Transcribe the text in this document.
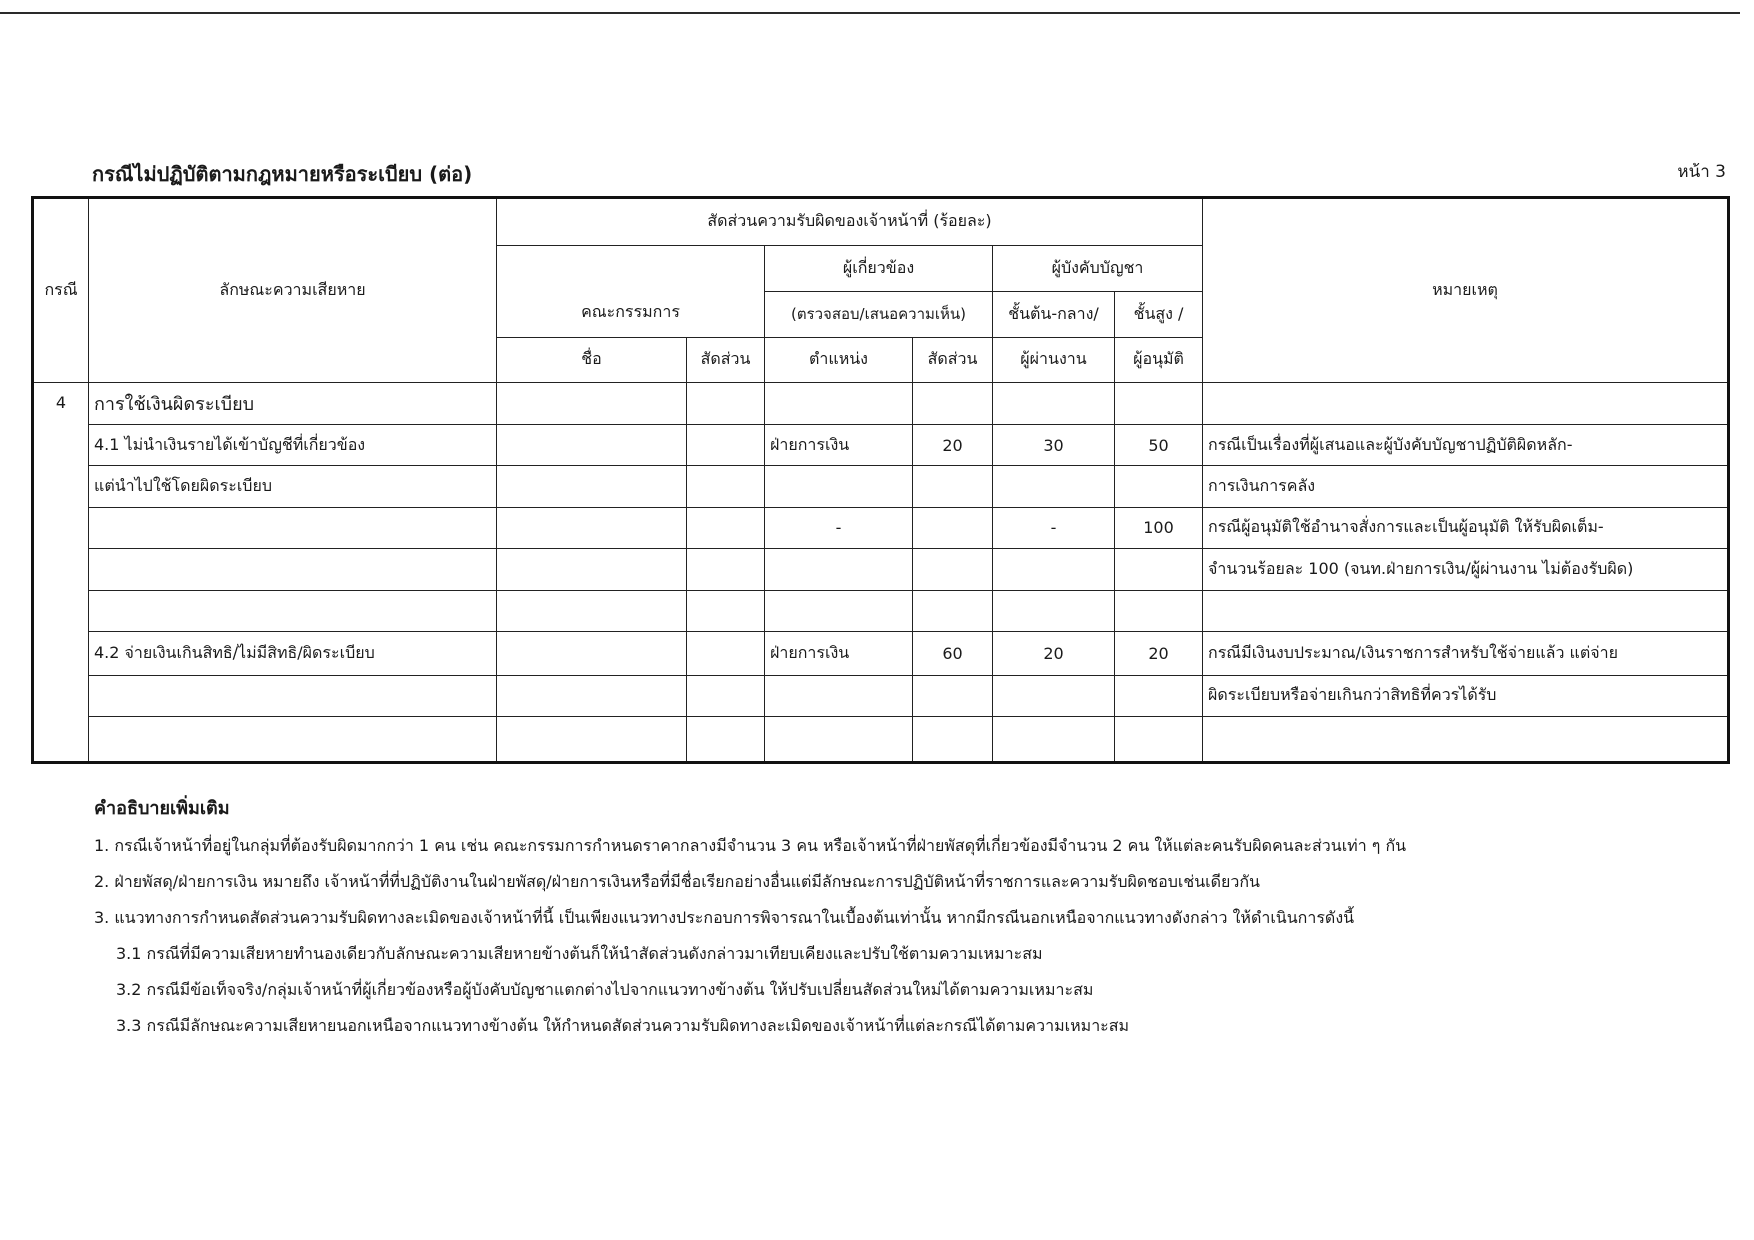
กรณีไม่ปฏิบัติตามกฎหมายหรือระเบียบ (ต่อ)	หน้า 3
กรณี	ลักษณะความเสียหาย	สัดส่วนความรับผิดของเจ้าหน้าที่ (ร้อยละ)						หมายเหตุ
		คณะกรรมการ		ผู้เกี่ยวข้อง		ผู้บังคับบัญชา		
				(ตรวจสอบ/เสนอความเห็น)		ชั้นต้น-กลาง/	ชั้นสูง /	
		ชื่อ	สัดส่วน	ตำแหน่ง	สัดส่วน	ผู้ผ่านงาน	ผู้อนุมัติ	
4	การใช้เงินผิดระเบียบ							
	4.1 ไม่นำเงินรายได้เข้าบัญชีที่เกี่ยวข้อง			ฝ่ายการเงิน	20	30	50	กรณีเป็นเรื่องที่ผู้เสนอและผู้บังคับบัญชาปฏิบัติผิดหลัก-
	แต่นำไปใช้โดยผิดระเบียบ							การเงินการคลัง
				-		-	100	กรณีผู้อนุมัติใช้อำนาจสั่งการและเป็นผู้อนุมัติ ให้รับผิดเต็ม-
								จำนวนร้อยละ 100 (จนท.ฝ่ายการเงิน/ผู้ผ่านงาน ไม่ต้องรับผิด)

	4.2 จ่ายเงินเกินสิทธิ/ไม่มีสิทธิ/ผิดระเบียบ			ฝ่ายการเงิน	60	20	20	กรณีมีเงินงบประมาณ/เงินราชการสำหรับใช้จ่ายแล้ว แต่จ่าย
								ผิดระเบียบหรือจ่ายเกินกว่าสิทธิที่ควรได้รับ

คำอธิบายเพิ่มเติม
1. กรณีเจ้าหน้าที่อยู่ในกลุ่มที่ต้องรับผิดมากกว่า 1 คน เช่น คณะกรรมการกำหนดราคากลางมีจำนวน 3 คน หรือเจ้าหน้าที่ฝ่ายพัสดุที่เกี่ยวข้องมีจำนวน 2 คน ให้แต่ละคนรับผิดคนละส่วนเท่า ๆ กัน
2. ฝ่ายพัสดุ/ฝ่ายการเงิน หมายถึง เจ้าหน้าที่ที่ปฏิบัติงานในฝ่ายพัสดุ/ฝ่ายการเงินหรือที่มีชื่อเรียกอย่างอื่นแต่มีลักษณะการปฏิบัติหน้าที่ราชการและความรับผิดชอบเช่นเดียวกัน
3. แนวทางการกำหนดสัดส่วนความรับผิดทางละเมิดของเจ้าหน้าที่นี้ เป็นเพียงแนวทางประกอบการพิจารณาในเบื้องต้นเท่านั้น หากมีกรณีนอกเหนือจากแนวทางดังกล่าว ให้ดำเนินการดังนี้
3.1 กรณีที่มีความเสียหายทำนองเดียวกับลักษณะความเสียหายข้างต้นก็ให้นำสัดส่วนดังกล่าวมาเทียบเคียงและปรับใช้ตามความเหมาะสม
3.2 กรณีมีข้อเท็จจริง/กลุ่มเจ้าหน้าที่ผู้เกี่ยวข้องหรือผู้บังคับบัญชาแตกต่างไปจากแนวทางข้างต้น ให้ปรับเปลี่ยนสัดส่วนใหม่ได้ตามความเหมาะสม
3.3 กรณีมีลักษณะความเสียหายนอกเหนือจากแนวทางข้างต้น ให้กำหนดสัดส่วนความรับผิดทางละเมิดของเจ้าหน้าที่แต่ละกรณีได้ตามความเหมาะสม
